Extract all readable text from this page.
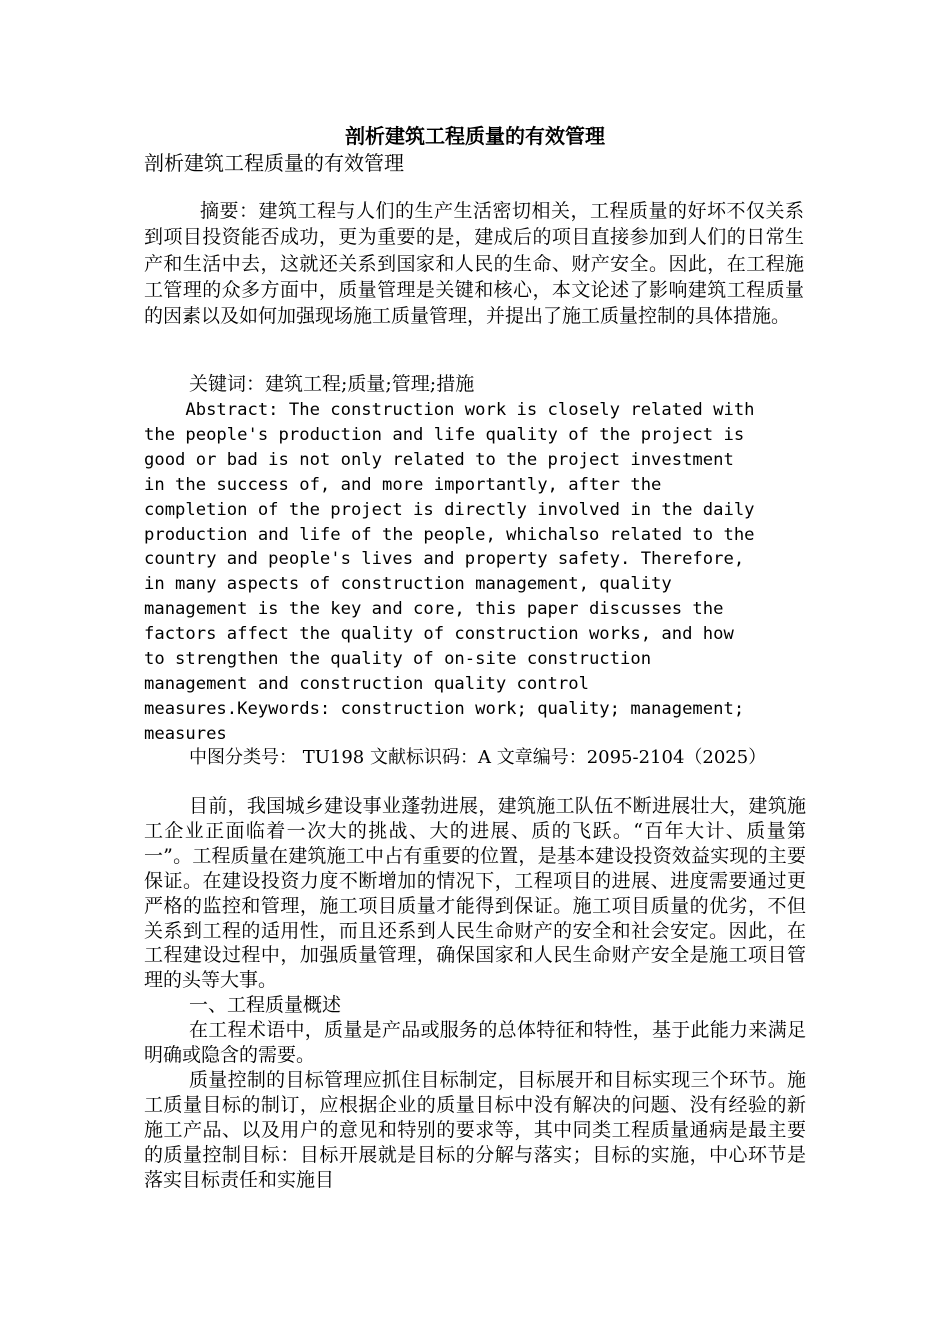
剖析建筑工程质量的有效管理
剖析建筑工程质量的有效管理
摘要：建筑工程与人们的生产生活密切相关，工程质量的好坏不仅关系到项目投资能否成功，更为重要的是，建成后的项目直接参加到人们的日常生产和生活中去，这就还关系到国家和人民的生命、财产安全。因此，在工程施工管理的众多方面中，质量管理是关键和核心，本文论述了影响建筑工程质量的因素以及如何加强现场施工质量管理，并提出了施工质量控制的具体措施。
关键词：建筑工程;质量;管理;措施
Abstract: The construction work is closely related with
the people's production and life quality of the project is
good or bad is not only related to the project investment
in the success of, and more importantly, after the
completion of the project is directly involved in the daily
production and life of the people, whichalso related to the
country and people's lives and property safety. Therefore,
in many aspects of construction management, quality
management is the key and core, this paper discusses the
factors affect the quality of construction works, and how
to strengthen the quality of on-site construction
management and construction quality control
measures.Keywords: construction work; quality; management;
measures
中图分类号： TU198 文献标识码：A 文章编号：2095-2104（2025）

目前，我国城乡建设事业蓬勃进展，建筑施工队伍不断进展壮大，建筑施工企业正面临着一次大的挑战、大的进展、质的飞跃。“百年大计、质量第一”。工程质量在建筑施工中占有重要的位置，是基本建设投资效益实现的主要保证。在建设投资力度不断增加的情况下，工程项目的进展、进度需要通过更严格的监控和管理，施工项目质量才能得到保证。施工项目质量的优劣，不但关系到工程的适用性，而且还系到人民生命财产的安全和社会安定。因此，在工程建设过程中，加强质量管理，确保国家和人民生命财产安全是施工项目管理的头等大事。

一、工程质量概述

在工程术语中，质量是产品或服务的总体特征和特性，基于此能力来满足明确或隐含的需要。

质量控制的目标管理应抓住目标制定，目标展开和目标实现三个环节。施工质量目标的制订，应根据企业的质量目标中没有解决的问题、没有经验的新施工产品、以及用户的意见和特别的要求等，其中同类工程质量通病是最主要的质量控制目标：目标开展就是目标的分解与落实；目标的实施，中心环节是落实目标责任和实施目
